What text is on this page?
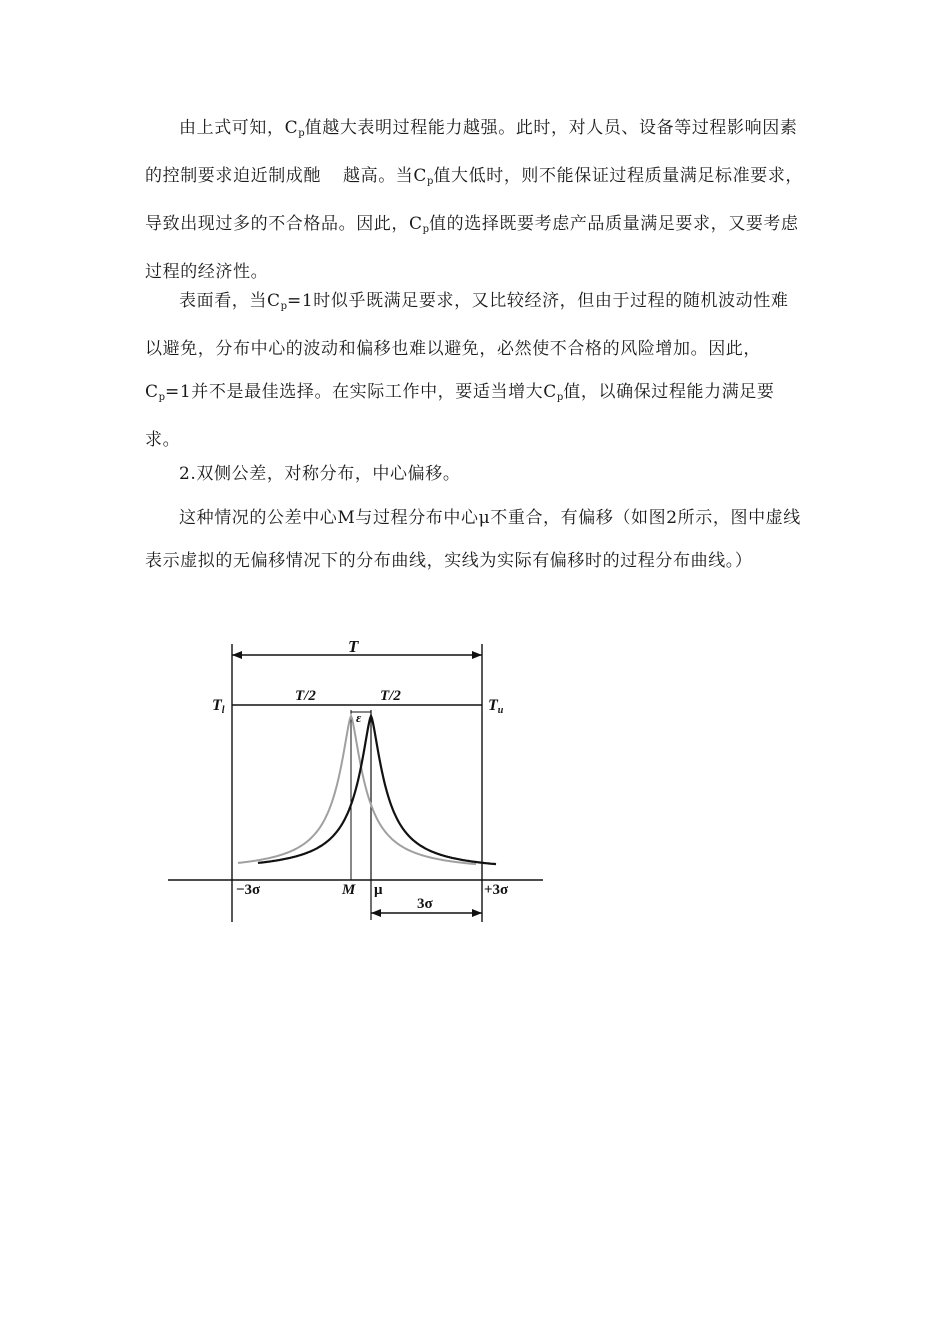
由上式可知，$C_p$值越大表明过程能力越强。此时，对人员、设备等过程影响因素的控制要求迫近制成酏 越高。当$C_p$值大低时，则不能保证过程质量满足标准要求，导致出现过多的不合格品。因此，$C_p$值的选择既要考虑产品质量满足要求，又要考虑过程的经济性。

表面看，当$C_p=1$时似乎既满足要求，又比较经济，但由于过程的随机波动性难以避免，分布中心的波动和偏移也难以避免，必然使不合格的风险增加。因此，$C_p=1$并不是最佳选择。在实际工作中，要适当增大$C_p$值，以确保过程能力满足要求。

2.双侧公差，对称分布，中心偏移。

这种情况的公差中心M与过程分布中心μ不重合，有偏移（如图2所示，图中虚线表示虚拟的无偏移情况下的分布曲线，实线为实际有偏移时的过程分布曲线。）

T
Tl	Tu
T/2	T/2
ε
−3σ	M μ	+3σ
3σ
